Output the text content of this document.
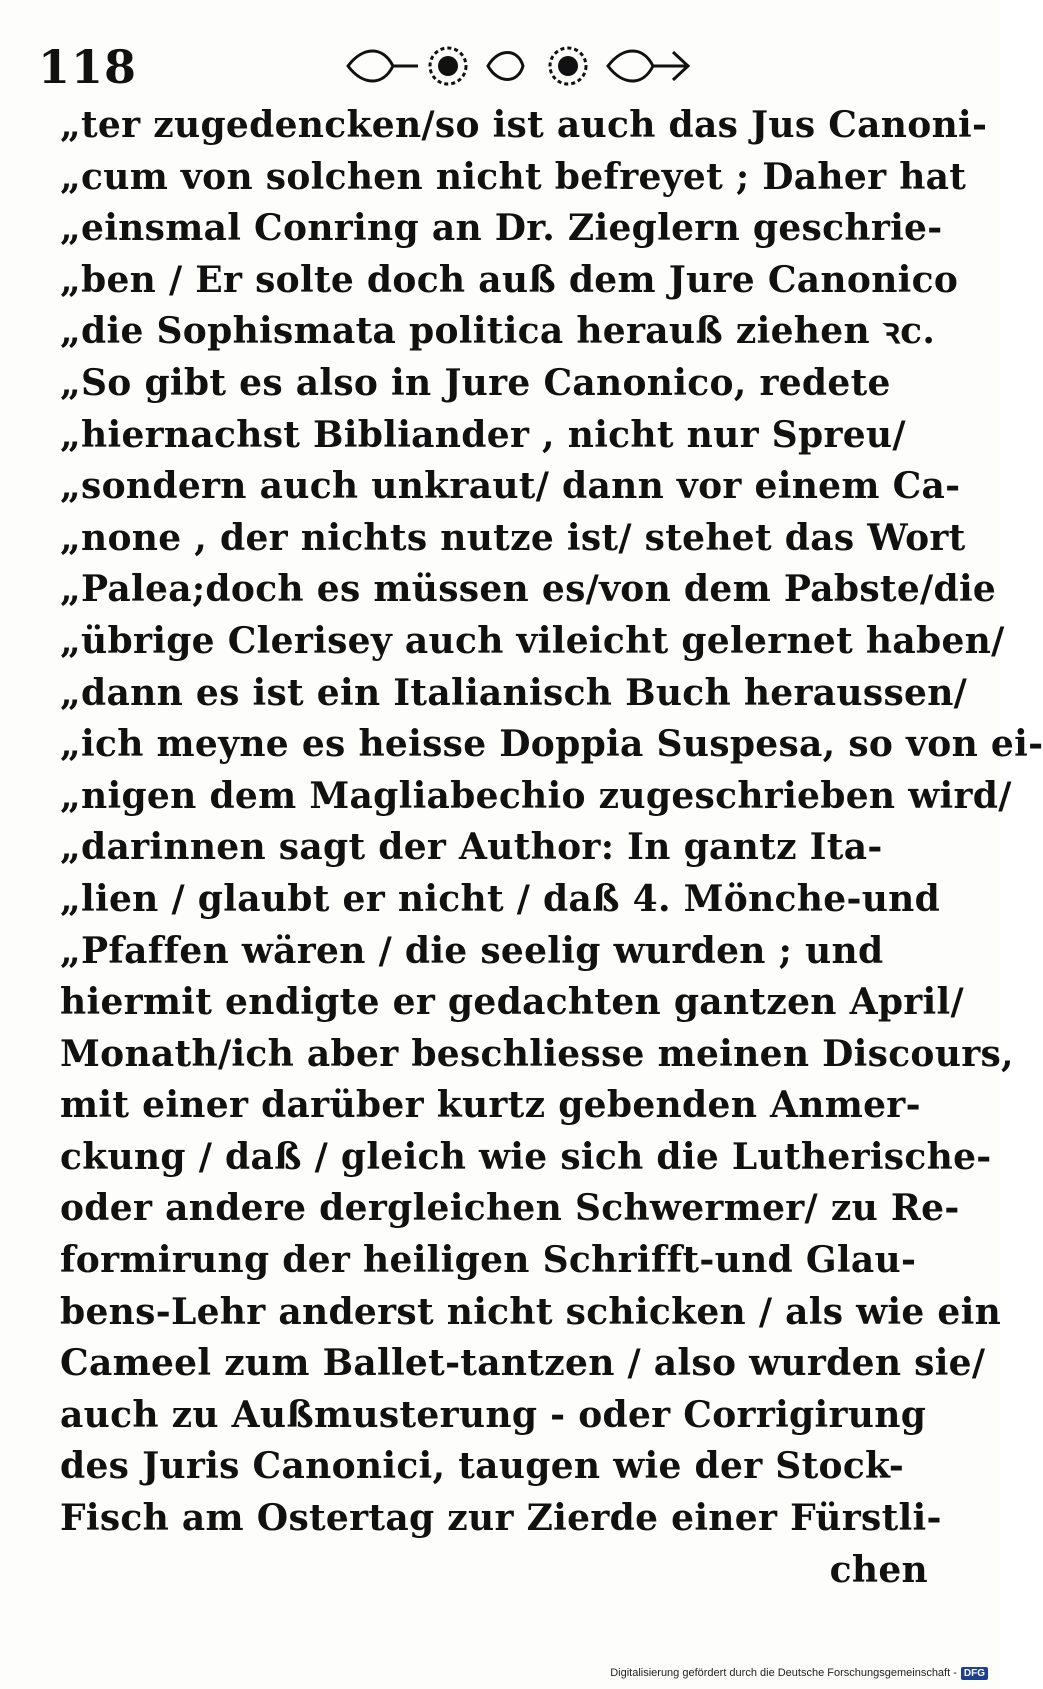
118
„ter zugedencken/so ist auch das Jus Canoni-
„cum von solchen nicht befreyet ; Daher hat
„einsmal Conring an Dr. Zieglern geschrie-
„ben / Er solte doch auß dem Jure Canonico
„die Sophismata politica herauß ziehen ꝛc.
„So gibt es also in Jure Canonico, redete
„hiernachst Bibliander , nicht nur Spreu/
„sondern auch unkraut/ dann vor einem Ca-
„none , der nichts nutze ist/ stehet das Wort
„Palea;doch es müssen es/von dem Pabste/die
„übrige Clerisey auch vileicht gelernet haben/
„dann es ist ein Italianisch Buch heraussen/
„ich meyne es heisse Doppia Suspesa, so von ei-
„nigen dem Magliabechio zugeschrieben wird/
„darinnen sagt der Author: In gantz Ita-
„lien / glaubt er nicht / daß 4. Mönche-und
„Pfaffen wären / die seelig wurden ; und
hiermit endigte er gedachten gantzen April/
Monath/ich aber beschliesse meinen Discours,
mit einer darüber kurtz gebenden Anmer-
ckung / daß / gleich wie sich die Lutherische-
oder andere dergleichen Schwermer/ zu Re-
formirung der heiligen Schrifft-und Glau-
bens-Lehr anderst nicht schicken / als wie ein
Cameel zum Ballet-tantzen / also wurden sie/
auch zu Außmusterung - oder Corrigirung
des Juris Canonici, taugen wie der Stock-
Fisch am Ostertag zur Zierde einer Fürstli-
chen
Digitalisierung gefördert durch die Deutsche Forschungsgemeinschaft - DFG
